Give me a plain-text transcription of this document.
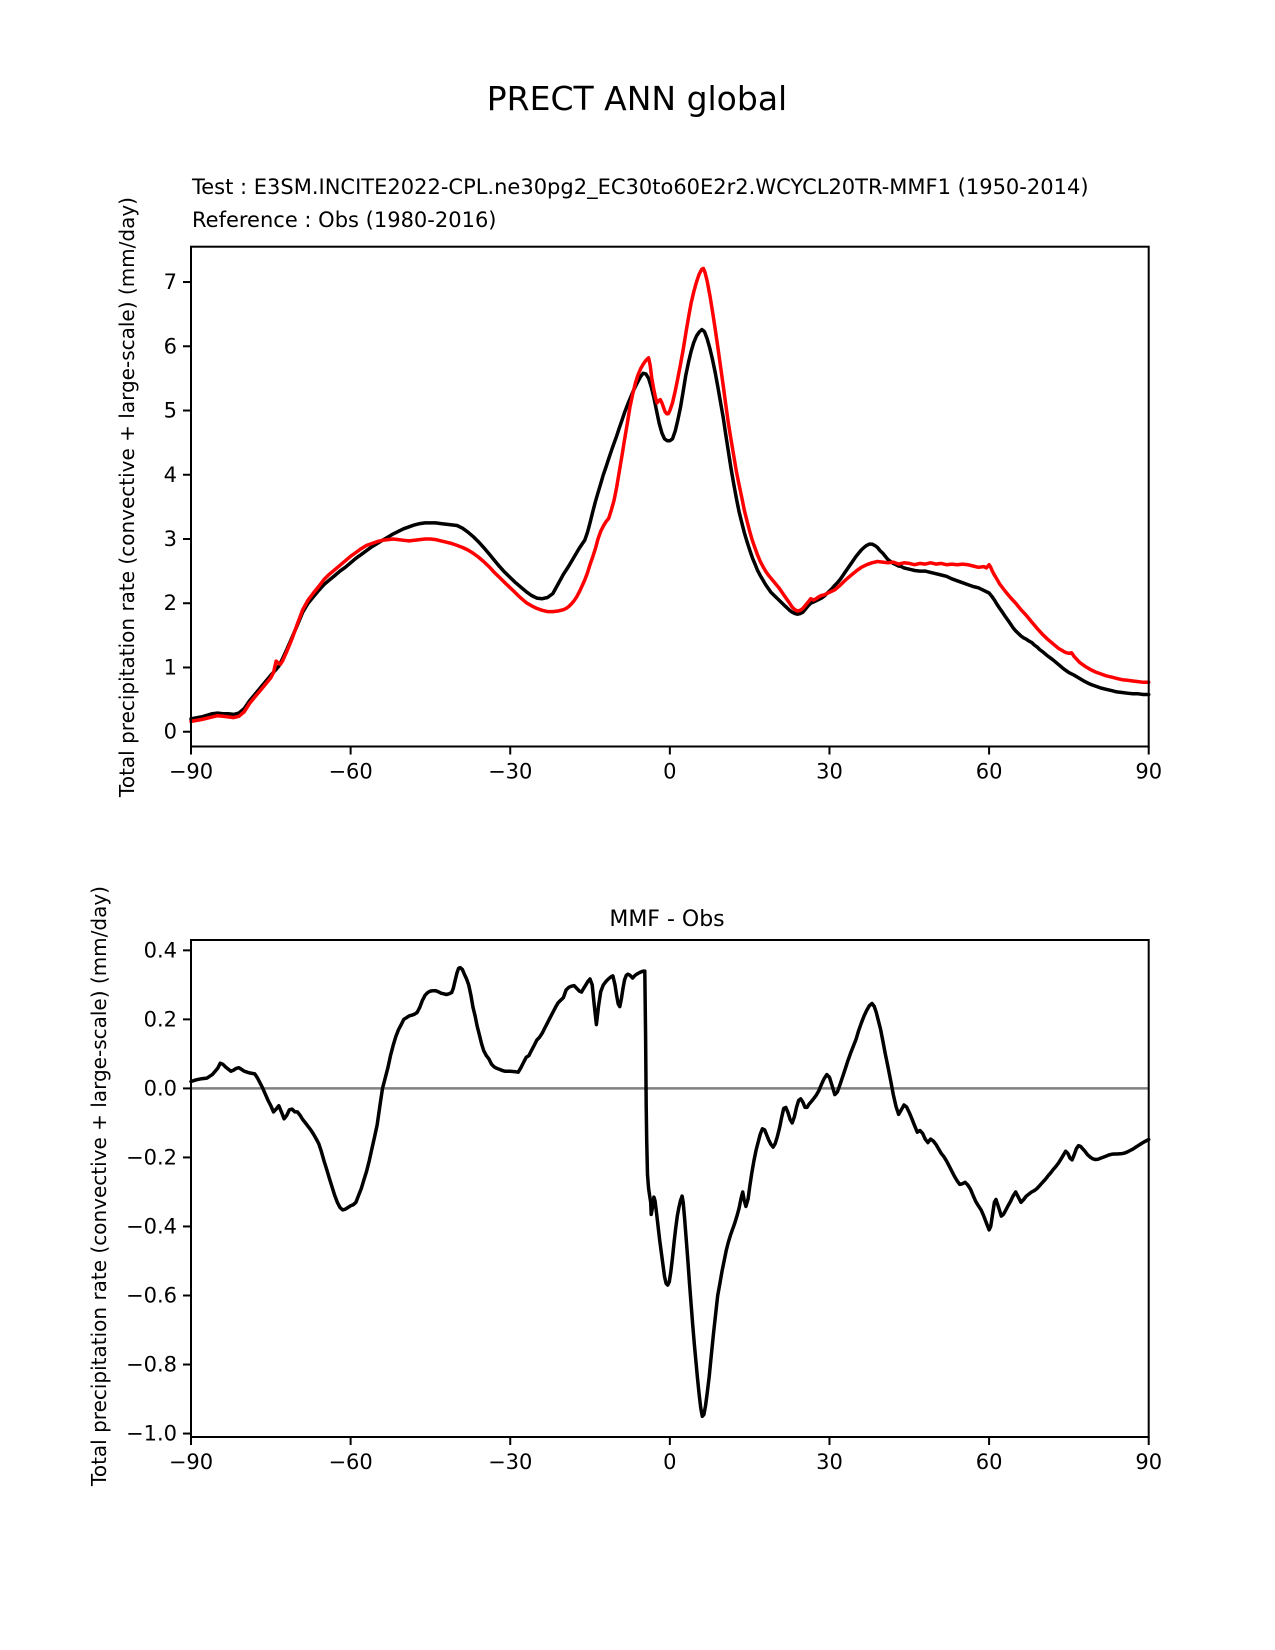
PRECT ANN global
Test : E3SM.INCITE2022-CPL.ne30pg2_EC30to60E2r2.WCYCL20TR-MMF1 (1950-2014)
Reference : Obs (1980-2016)
Total precipitation rate (convective + large-scale) (mm/day) −90	−60	−30	0	30	60	90
0
1
2
3
4
5
6
7
MMF - Obs
Total precipitation rate (convective + large-scale) (mm/day)	−90	−60	−30	0	30	60	90
0.4
0.2
0.0
−0.2
−0.4
−0.6
−0.8
−1.0
